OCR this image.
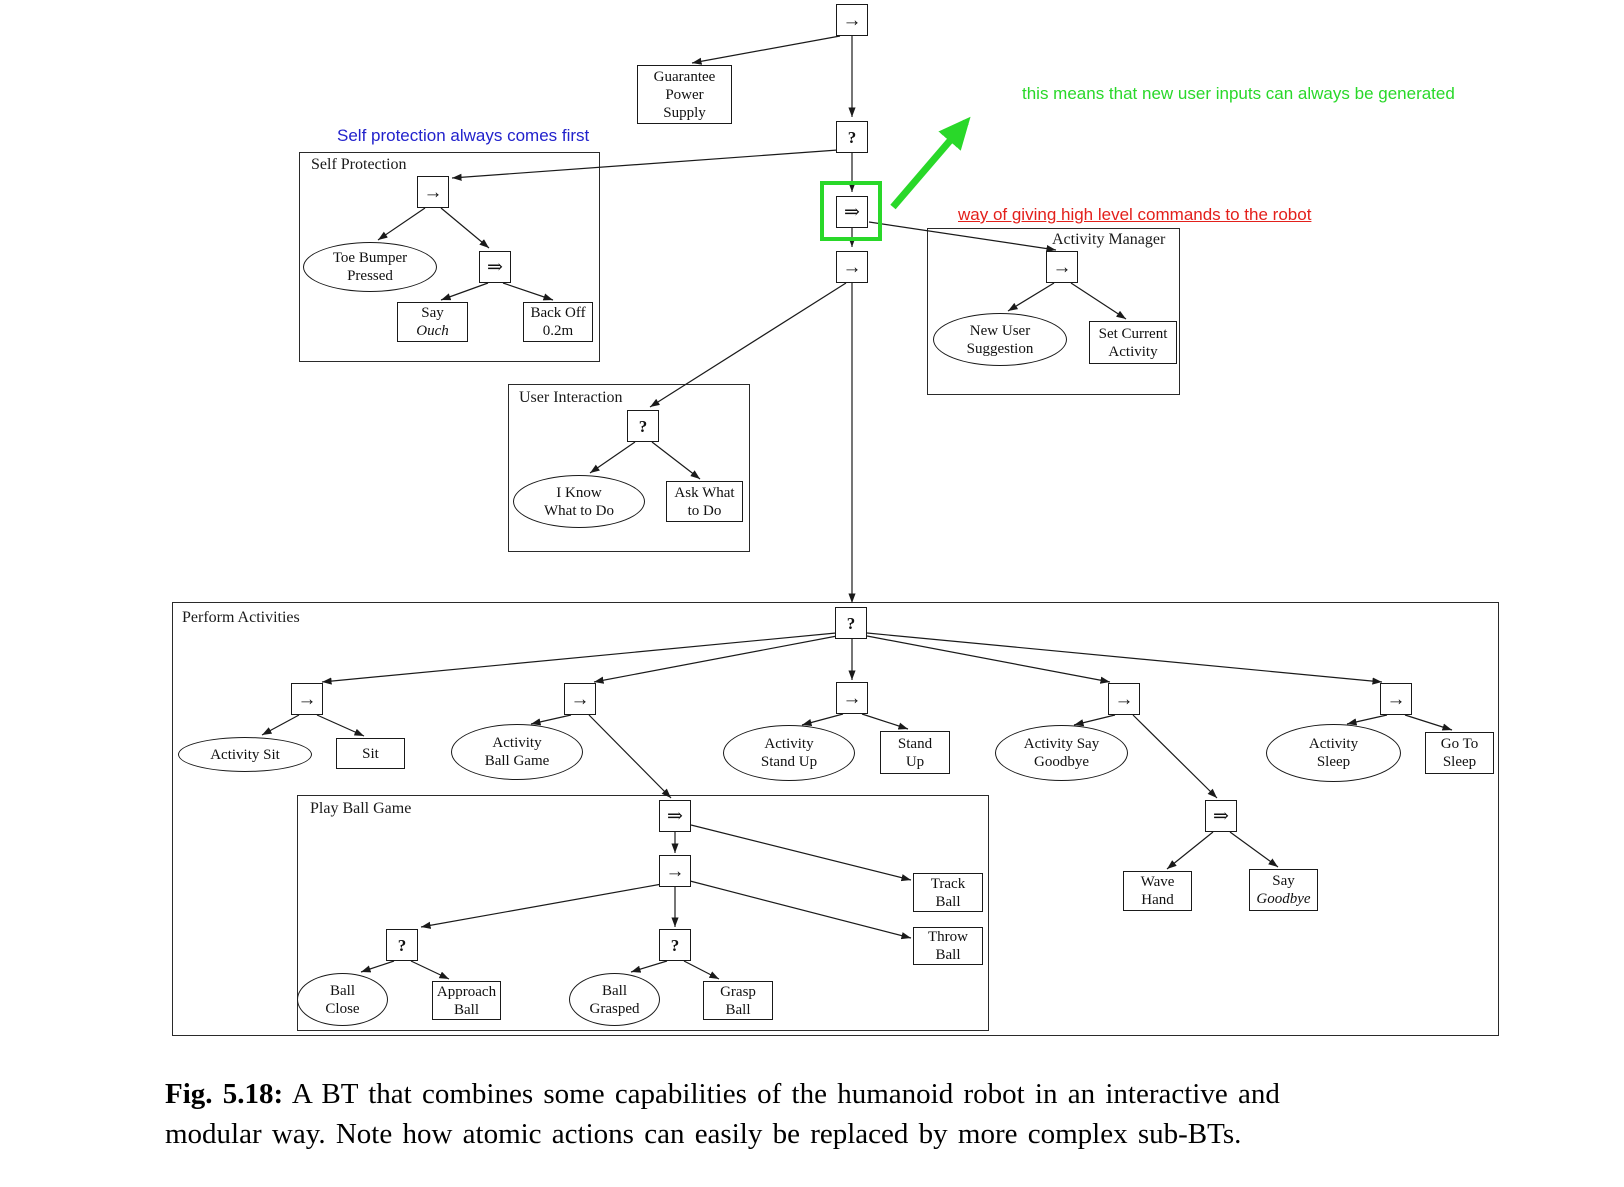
Self Protection
Activity Manager
User Interaction
Perform Activities
Play Ball Game
→
?
⇒
→
→
⇒	→
?
?
→	→	→	→	→
⇒
⇒
→
?	?
Guarantee
Power
Supply
Say
Ouch
Back Off
0.2m	Set Current
Activity
Ask What
to Do
Sit
Stand
Up
Go To
Sleep
Wave
Hand
Say
Goodbye
Track
Ball
Throw
Ball
Approach
Ball
Grasp
Ball
Toe Bumper
Pressed
New User
Suggestion
I Know
What to Do
Activity Sit
Activity
Ball Game
Activity
Stand Up
Activity Say
Goodbye
Activity
Sleep
Ball
Close
Ball
Grasped
Self protection always comes first
this means that new user inputs can always be generated
way of giving high level commands to the robot
Fig. 5.18: A BT that combines some capabilities of the humanoid robot in an interactive and
modular way. Note how atomic actions can easily be replaced by more complex sub-BTs.
